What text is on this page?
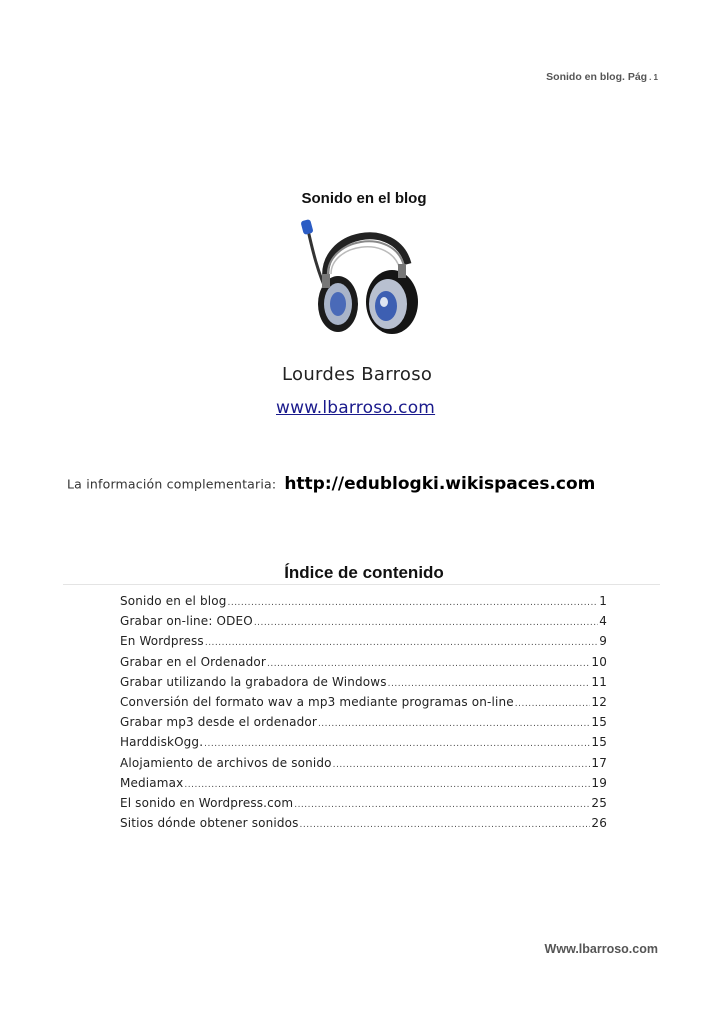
Sonido en blog. Pág . 1
Sonido en el blog
Lourdes Barroso
www.lbarroso.com
La información complementaria: http://edublogki.wikispaces.com
Índice de contenido
Sonido en el blog .....	1
Grabar on-line: ODEO .....	4
En Wordpress .....	9
Grabar en el Ordenador .....	10
Grabar utilizando la grabadora de Windows .....	11
Conversión del formato wav a mp3 mediante programas on-line .....	12
Grabar mp3 desde el ordenador .....	15
HarddiskOgg. .....	15
Alojamiento de archivos de sonido .....	17
Mediamax .....	19
El sonido en Wordpress.com .....	25
Sitios dónde obtener sonidos .....	26
Www.lbarroso.com
